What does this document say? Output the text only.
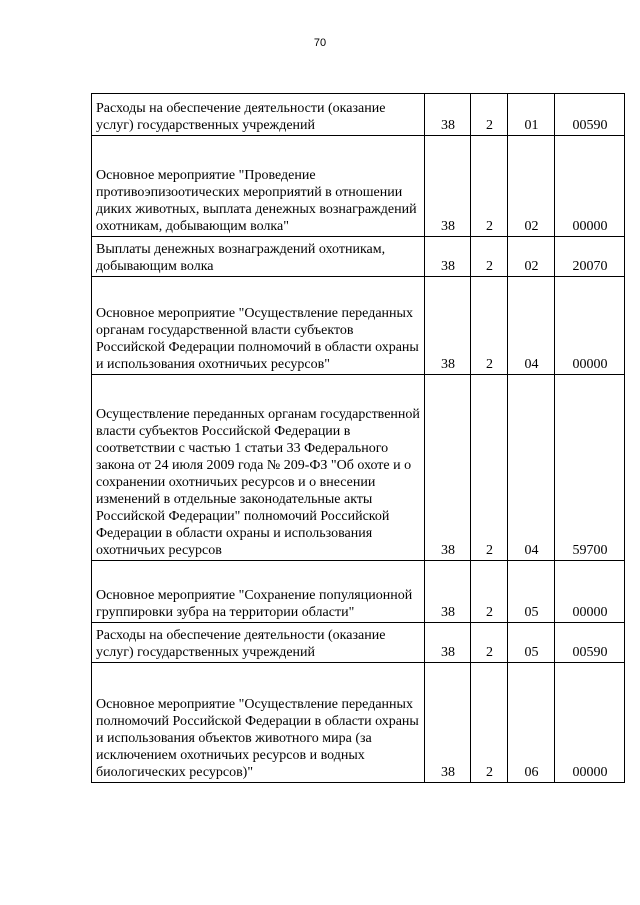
70
Расходы на обеспечение деятельности (оказание услуг) государственных учреждений	38	2	01	00590
Основное мероприятие "Проведение противоэпизоотических мероприятий в отношении диких животных, выплата денежных вознаграждений охотникам, добывающим волка"	38	2	02	00000
Выплаты денежных вознаграждений охотникам, добывающим волка	38	2	02	20070
Основное мероприятие "Осуществление переданных органам государственной власти субъектов Российской Федерации полномочий в области охраны и использования охотничьих ресурсов"	38	2	04	00000
Осуществление переданных органам государственной власти субъектов Российской Федерации в соответствии с частью 1 статьи 33 Федерального закона от 24 июля 2009 года № 209-ФЗ "Об охоте и о сохранении охотничьих ресурсов и о внесении изменений в отдельные законодательные акты Российской Федерации" полномочий Российской Федерации в области охраны и использования охотничьих ресурсов	38	2	04	59700
Основное мероприятие "Сохранение популяционной группировки зубра на территории области"	38	2	05	00000
Расходы на обеспечение деятельности (оказание услуг) государственных учреждений	38	2	05	00590
Основное мероприятие "Осуществление переданных полномочий Российской Федерации в области охраны и использования объектов животного мира (за исключением охотничьих ресурсов и водных биологических ресурсов)"	38	2	06	00000
